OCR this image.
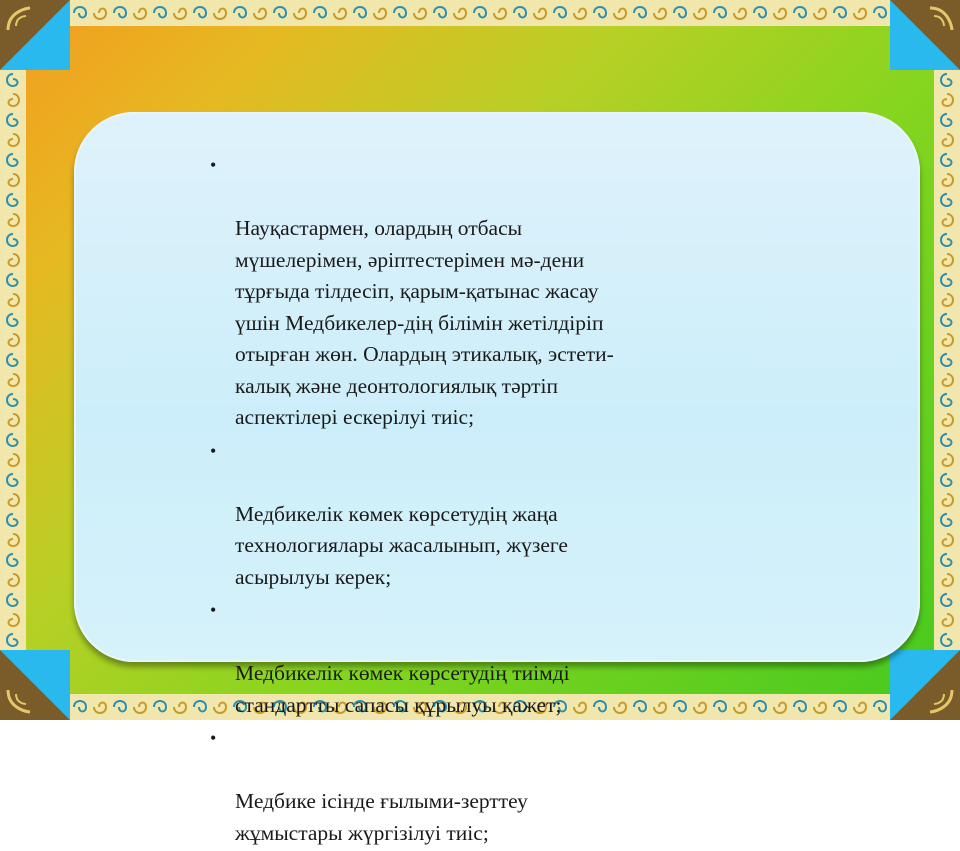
•

Науқастармен, олардың отбасы
мүшелерімен, әріптестерімен мә-дени
тұрғыда тілдесіп, қарым-қатынас жасау
үшін Медбикелер-дің білімін жетілдіріп
отырған жөн. Олардың этикалық, эстети-
калық және деонтологиялық тәртіп
аспектілері ескерілуі тиіс;

•

Медбикелік көмек көрсетудің жаңа
технологиялары жасалынып, жүзеге
асырылуы керек;

•

Медбикелік көмек көрсетудің тиімді
стандартты сапасы құрылуы қажет;

•

Медбике ісінде ғылыми-зерттеу
жұмыстары жүргізілуі тиіс;
